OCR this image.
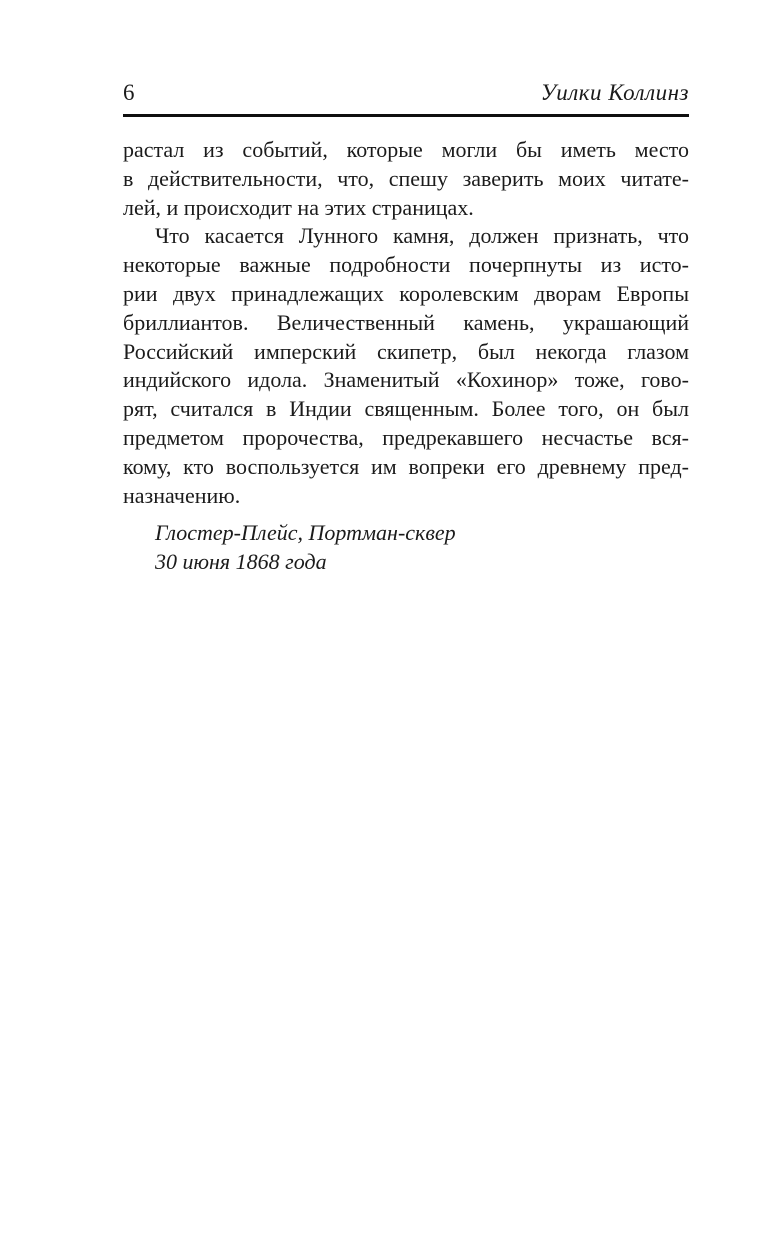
6	Уилки Коллинз
растал из событий, которые могли бы иметь место
в действительности, что, спешу заверить моих читате-
лей, и происходит на этих страницах.
Что касается Лунного камня, должен признать, что
некоторые важные подробности почерпнуты из исто-
рии двух принадлежащих королевским дворам Европы
бриллиантов. Величественный камень, украшающий
Российский имперский скипетр, был некогда глазом
индийского идола. Знаменитый «Кохинор» тоже, гово-
рят, считался в Индии священным. Более того, он был
предметом пророчества, предрекавшего несчастье вся-
кому, кто воспользуется им вопреки его древнему пред-
назначению.
Глостер-Плейс, Портман-сквер
30 июня 1868 года
